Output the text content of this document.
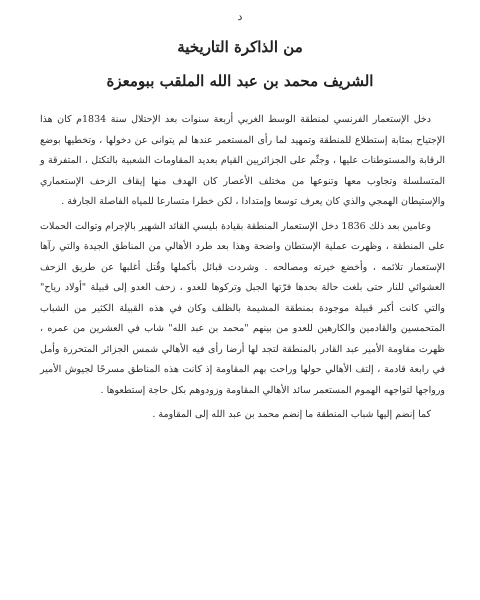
د
من الذاكرة التاريخية
الشريف محمد بن عبد الله الملقب ببومعزة

دخل الإستعمار الفرنسي لمنطقة الوسط الغربي أربعة سنوات بعد الإحتلال سنة 1834م كان هذا الإجتياح بمثابة إستطلاع للمنطقة وتمهيد لما رأى المستعمر عندها لم يتوانى عن دخولها ، وتخطيها بوضع الرقابة والمستوطنات عليها ، وجثّم على الجزائريين القيام بعديد المقاومات الشعبية بالتكتل ، المتفرقة و المتسلسلة وتجاوب معها وتنوعها من مختلف الأعصار كان الهدف منها إيقاف الزحف الإستعماري والإستيطان الهمجي والذي كان يعرف توسعا وإمتدادا ، لكن خطرا متسارعا للمياه الفاصلة الجارفة .

وعامين بعد ذلك 1836 دخل الإستعمار المنطقة بقيادة بليسي القائد الشهير بالإجرام وتوالت الحملات على المنطقة ، وظهرت عملية الإستطان واضحة وهذا بعد طرد الأهالي من المناطق الجيدة والتي رآها الإستعمار تلائمه ، وأخضع خيرته ومصالحه . وشردت قبائل بأكملها وقُتل أغلبها عن طريق الزحف العشوائي للنار حتى بلغت حالة بحدها فرّتها الجبل وتركوها للعدو ، زحف العدو إلى قبيلة "أولاد رياح" والتي كانت أكبر قبيلة موجودة بمنطقة المشيمة بالظلف وكان في هذه القبيلة الكثير من الشباب المتحمسين والقادمين والكارهين للعدو من بينهم "محمد بن عبد الله" شاب في العشرين من عمره ، ظهرت مقاومة الأمير عبد القادر بالمنطقة لتجد لها أرضا رأى فيه الأهالي شمس الجزائر المتحررة وأمل في رابعة قادمة ، إلتف الأهالي حولها وراحت بهم المقاومة إذ كانت هذه المناطق مسرحًا لجيوش الأمير ورواجها لتواجهه الهموم المستعمر سائد الأهالي المقاومة وزودوهم بكل حاجة إستطعوها .

كما إنضم إليها شباب المنطقة ما إنضم محمد بن عبد الله إلى المقاومة .
